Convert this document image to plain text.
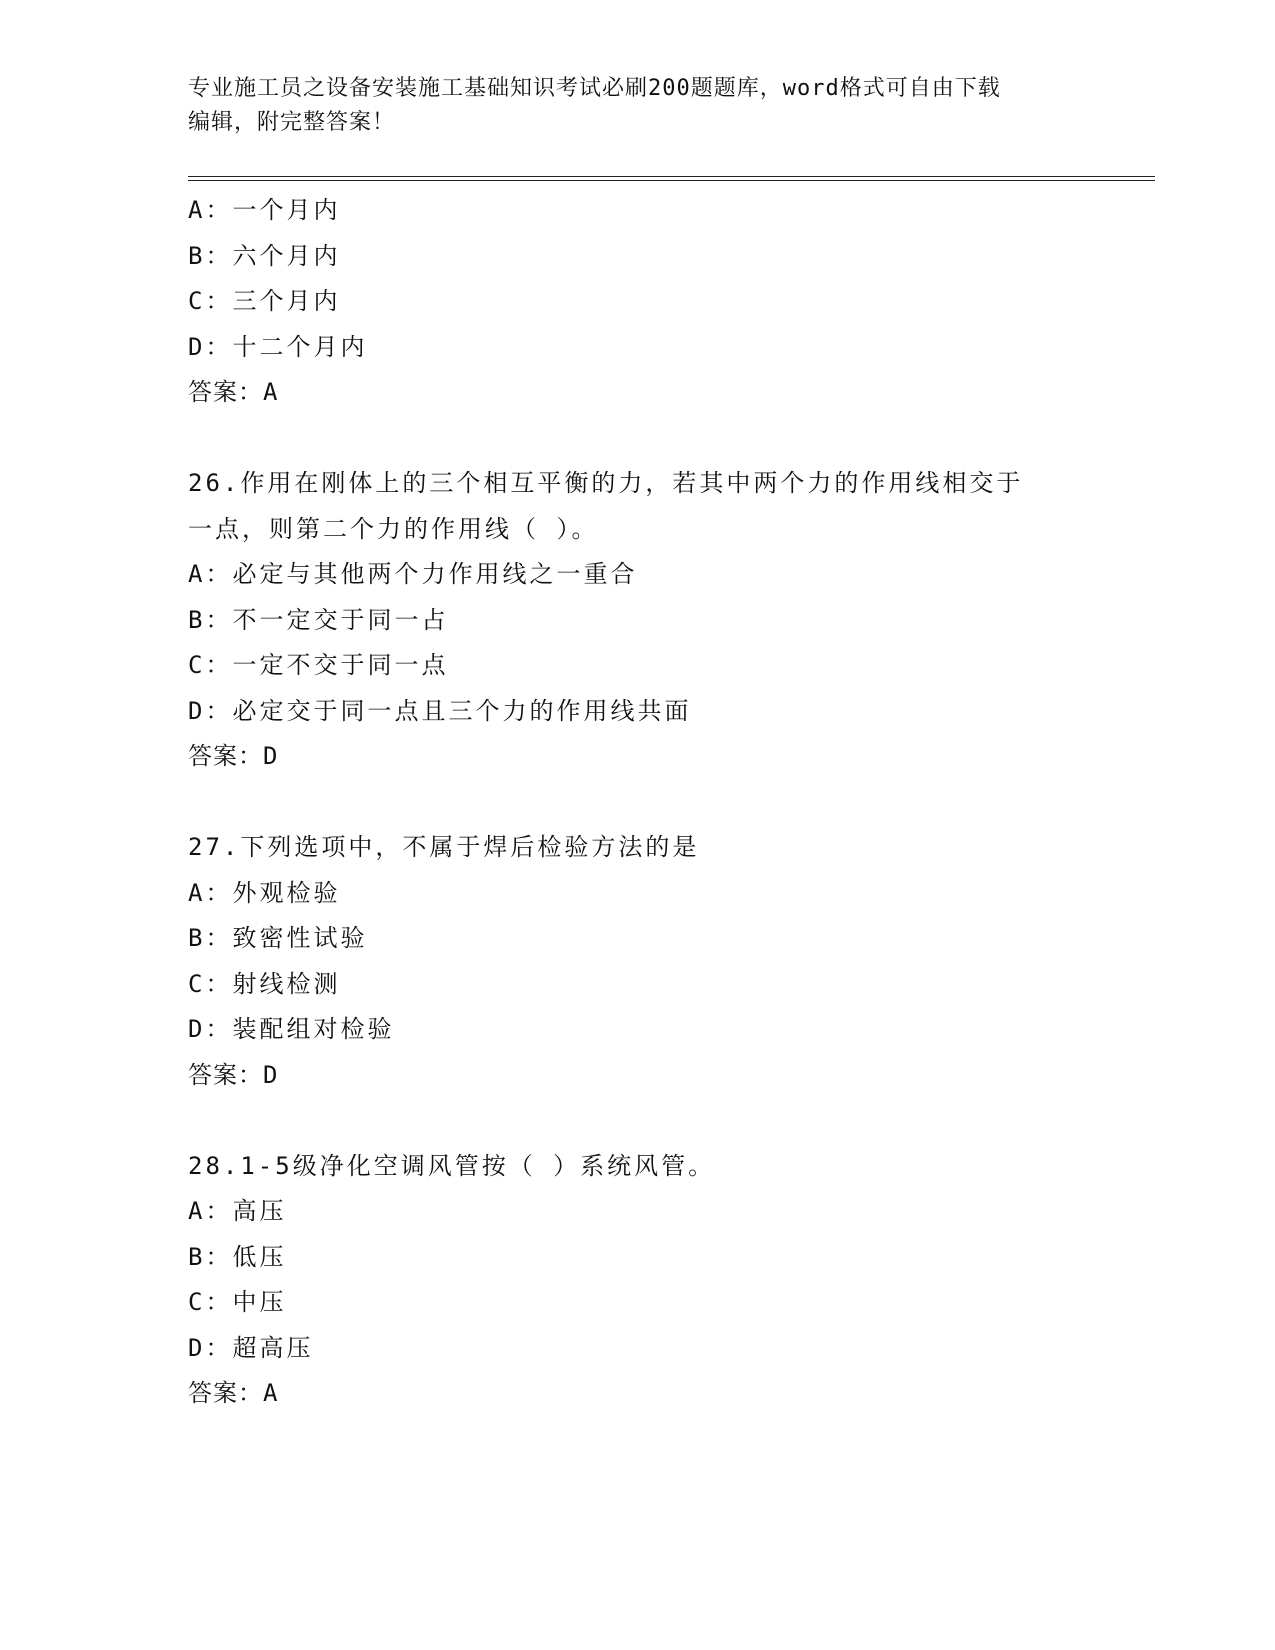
专业施工员之设备安装施工基础知识考试必刷200题题库，word格式可自由下载
编辑，附完整答案！
A：一个月内
B：六个月内
C：三个月内
D：十二个月内
答案：A
26.作用在刚体上的三个相互平衡的力，若其中两个力的作用线相交于
一点，则第二个力的作用线（ ）。
A：必定与其他两个力作用线之一重合
B：不一定交于同一占
C：一定不交于同一点
D：必定交于同一点且三个力的作用线共面
答案：D
27.下列选项中，不属于焊后检验方法的是
A：外观检验
B：致密性试验
C：射线检测
D：装配组对检验
答案：D
28.1-5级净化空调风管按（ ）系统风管。
A：高压
B：低压
C：中压
D：超高压
答案：A
